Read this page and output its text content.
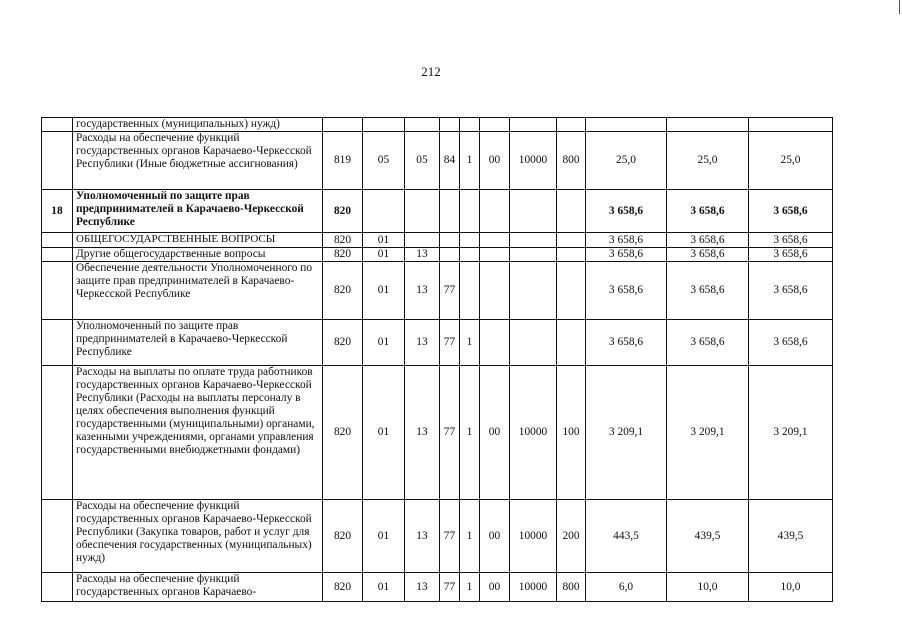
212
	государственных (муниципальных) нужд)											
	Расходы на обеспечение функций государственных органов Карачаево-Черкесской Республики (Иные бюджетные ассигнования)	819	05	05	84	1	00	10000	800	25,0	25,0	25,0
18	Уполномоченный по защите прав предпринимателей в Карачаево-Черкесской Республике	820								3 658,6	3 658,6	3 658,6
	ОБЩЕГОСУДАРСТВЕННЫЕ ВОПРОСЫ	820	01							3 658,6	3 658,6	3 658,6
	Другие общегосударственные вопросы	820	01	13						3 658,6	3 658,6	3 658,6
	Обеспечение деятельности Уполномоченного по защите прав предпринимателей в Карачаево-Черкесской Республике	820	01	13	77					3 658,6	3 658,6	3 658,6
	Уполномоченный по защите прав предпринимателей в Карачаево-Черкесской Республике	820	01	13	77	1				3 658,6	3 658,6	3 658,6
	Расходы на выплаты по оплате труда работников государственных органов Карачаево-Черкесской Республики (Расходы на выплаты персоналу в целях обеспечения выполнения функций государственными (муниципальными) органами, казенными учреждениями, органами управления государственными внебюджетными фондами)	820	01	13	77	1	00	10000	100	3 209,1	3 209,1	3 209,1
	Расходы на обеспечение функций государственных органов Карачаево-Черкесской Республики (Закупка товаров, работ и услуг для обеспечения государственных (муниципальных) нужд)	820	01	13	77	1	00	10000	200	443,5	439,5	439,5
	Расходы на обеспечение функций государственных органов Карачаево-	820	01	13	77	1	00	10000	800	6,0	10,0	10,0
